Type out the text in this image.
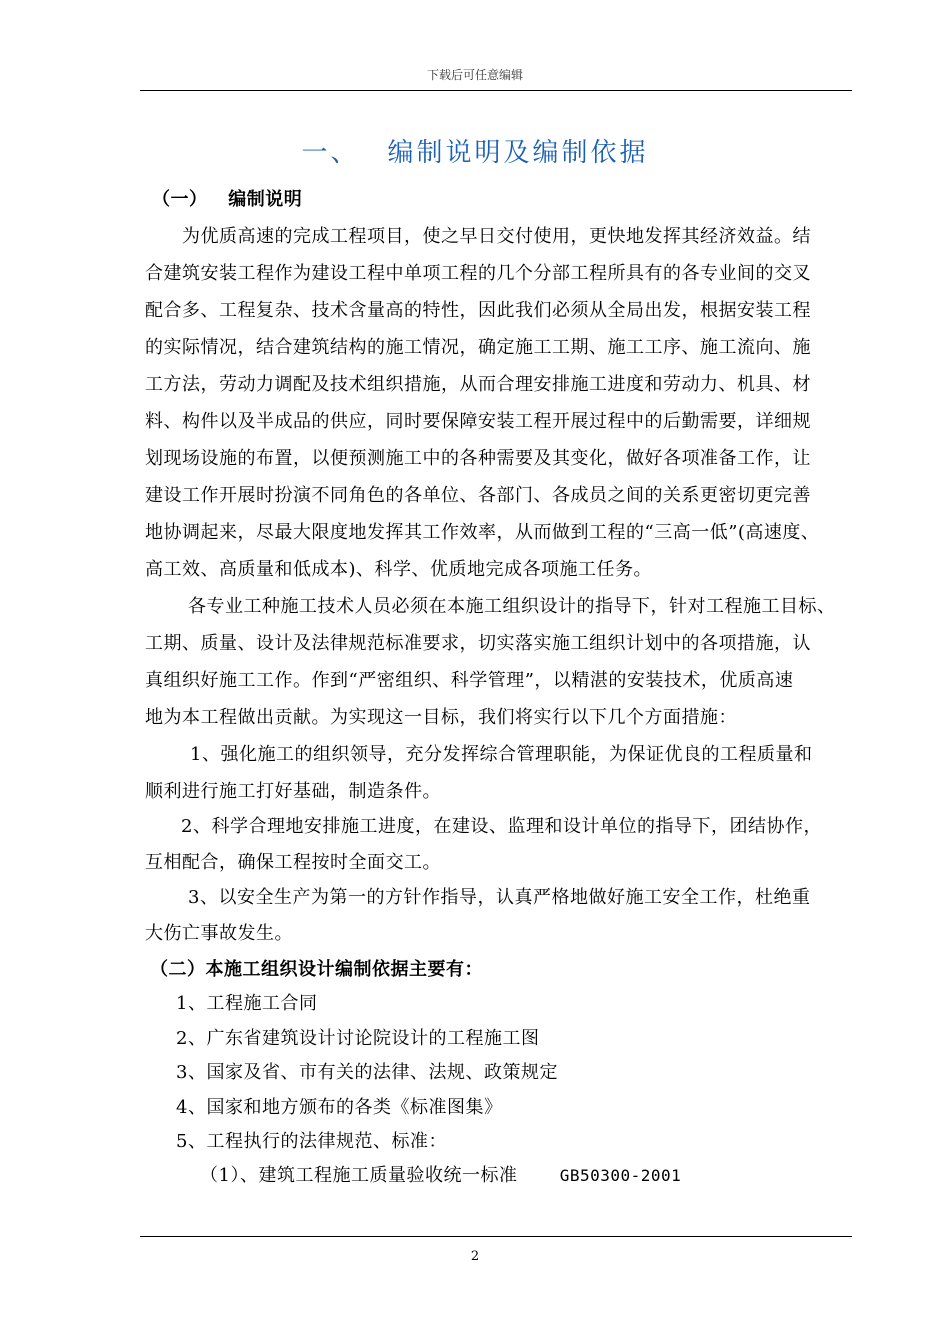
下载后可任意编辑
一、 编制说明及编制依据
（一） 编制说明
为优质高速的完成工程项目，使之早日交付使用，更快地发挥其经济效益。结
合建筑安装工程作为建设工程中单项工程的几个分部工程所具有的各专业间的交叉
配合多、工程复杂、技术含量高的特性，因此我们必须从全局出发，根据安装工程
的实际情况，结合建筑结构的施工情况，确定施工工期、施工工序、施工流向、施
工方法，劳动力调配及技术组织措施，从而合理安排施工进度和劳动力、机具、材
料、构件以及半成品的供应，同时要保障安装工程开展过程中的后勤需要，详细规
划现场设施的布置，以便预测施工中的各种需要及其变化，做好各项准备工作，让
建设工作开展时扮演不同角色的各单位、各部门、各成员之间的关系更密切更完善
地协调起来，尽最大限度地发挥其工作效率，从而做到工程的“三高一低”(高速度、
高工效、高质量和低成本)、科学、优质地完成各项施工任务。
各专业工种施工技术人员必须在本施工组织设计的指导下，针对工程施工目标、
工期、质量、设计及法律规范标准要求，切实落实施工组织计划中的各项措施，认
真组织好施工工作。作到“严密组织、科学管理”，以精湛的安装技术，优质高速
地为本工程做出贡献。为实现这一目标，我们将实行以下几个方面措施：
1、强化施工的组织领导，充分发挥综合管理职能，为保证优良的工程质量和
顺利进行施工打好基础，制造条件。
2、科学合理地安排施工进度，在建设、监理和设计单位的指导下，团结协作，
互相配合，确保工程按时全面交工。
3、以安全生产为第一的方针作指导，认真严格地做好施工安全工作，杜绝重
大伤亡事故发生。
（二）本施工组织设计编制依据主要有：
1、工程施工合同
2、广东省建筑设计讨论院设计的工程施工图
3、国家及省、市有关的法律、法规、政策规定
4、国家和地方颁布的各类《标准图集》
5、工程执行的法律规范、标准：
（1）、建筑工程施工质量验收统一标准	GB50300-2001
2
